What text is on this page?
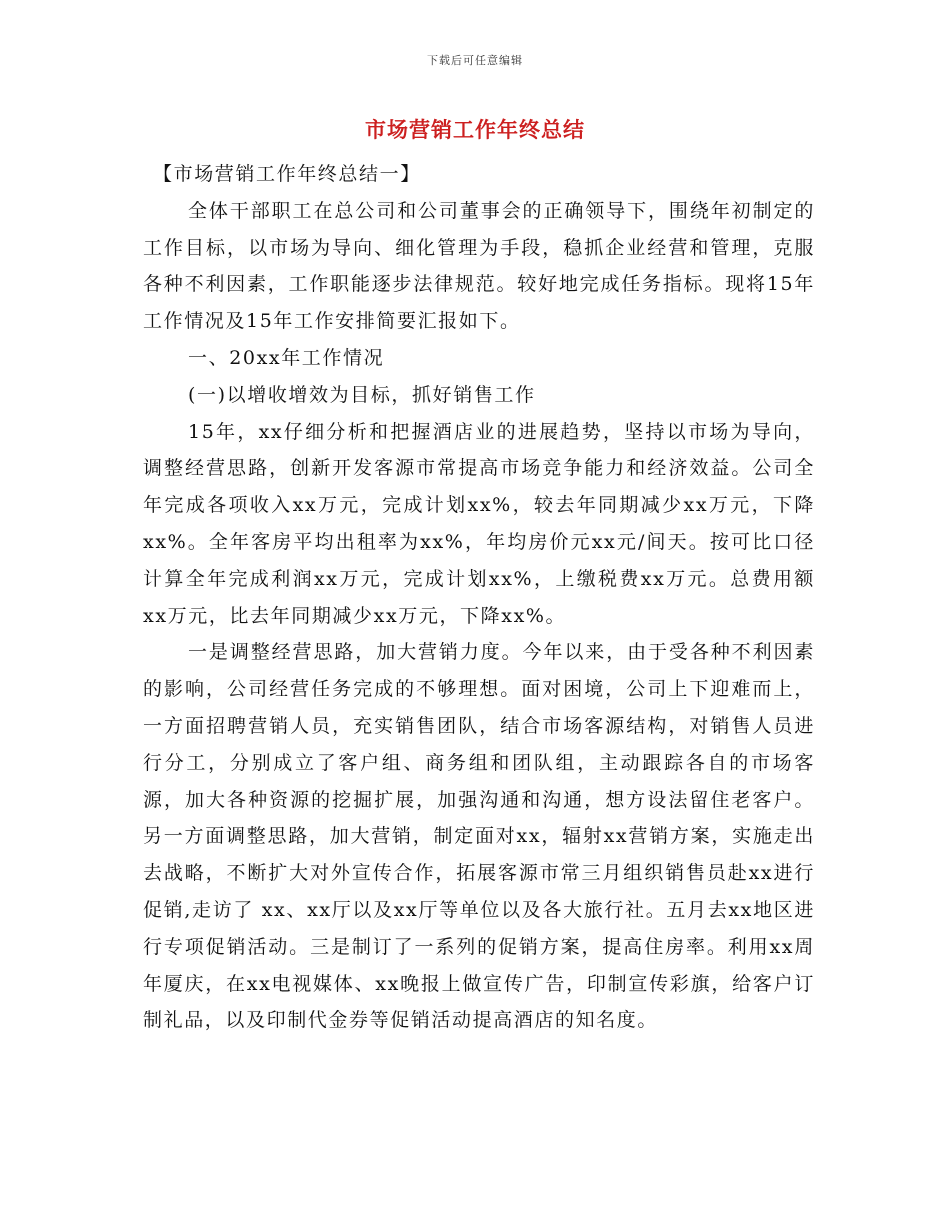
下载后可任意编辑
市场营销工作年终总结

【市场营销工作年终总结一】

全体干部职工在总公司和公司董事会的正确领导下，围绕年初制定的工作目标，以市场为导向、细化管理为手段，稳抓企业经营和管理，克服各种不利因素，工作职能逐步法律规范。较好地完成任务指标。现将15年工作情况及15年工作安排简要汇报如下。

一、20xx年工作情况

(一)以增收增效为目标，抓好销售工作

15年，xx仔细分析和把握酒店业的进展趋势，坚持以市场为导向，调整经营思路，创新开发客源市常提高市场竞争能力和经济效益。公司全年完成各项收入xx万元，完成计划xx%，较去年同期减少xx万元，下降xx%。全年客房平均出租率为xx%，年均房价元xx元/间天。按可比口径计算全年完成利润xx万元，完成计划xx%，上缴税费xx万元。总费用额xx万元，比去年同期减少xx万元，下降xx%。

一是调整经营思路，加大营销力度。今年以来，由于受各种不利因素的影响，公司经营任务完成的不够理想。面对困境，公司上下迎难而上，一方面招聘营销人员，充实销售团队，结合市场客源结构，对销售人员进行分工，分别成立了客户组、商务组和团队组，主动跟踪各自的市场客源，加大各种资源的挖掘扩展，加强沟通和沟通，想方设法留住老客户。另一方面调整思路，加大营销，制定面对xx，辐射xx营销方案，实施走出去战略，不断扩大对外宣传合作，拓展客源市常三月组织销售员赴xx进行促销,走访了 xx、xx厅以及xx厅等单位以及各大旅行社。五月去xx地区进行专项促销活动。三是制订了一系列的促销方案，提高住房率。利用xx周年厦庆，在xx电视媒体、xx晚报上做宣传广告，印制宣传彩旗，给客户订制礼品，以及印制代金券等促销活动提高酒店的知名度。
